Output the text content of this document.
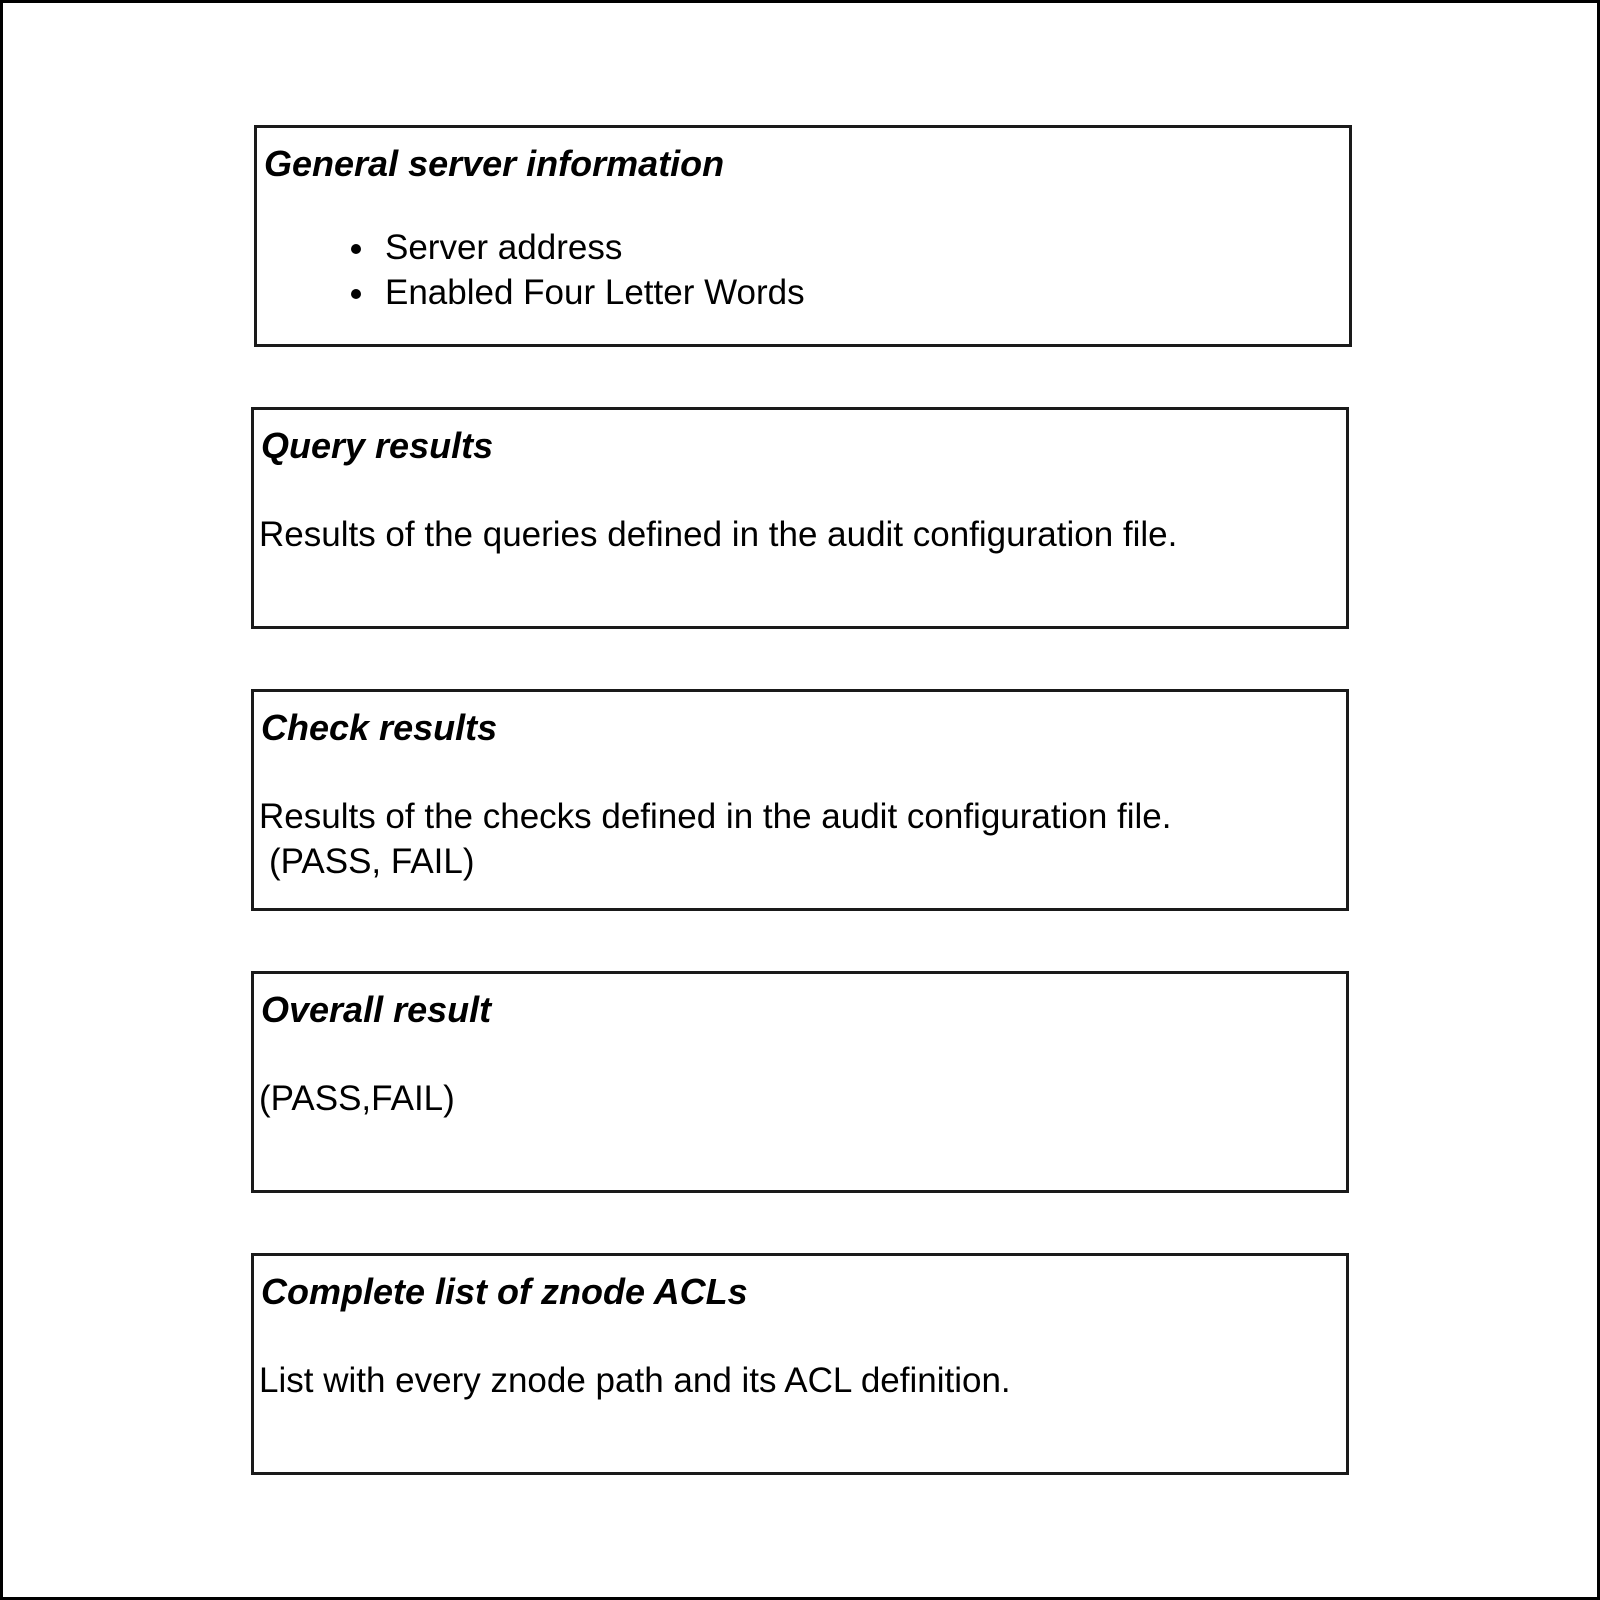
General server information

Server address
Enabled Four Letter Words

Query results

Results of the queries defined in the audit configuration file.

Check results

Results of the checks defined in the audit configuration file.
(PASS, FAIL)

Overall result

(PASS,FAIL)

Complete list of znode ACLs

List with every znode path and its ACL definition.
